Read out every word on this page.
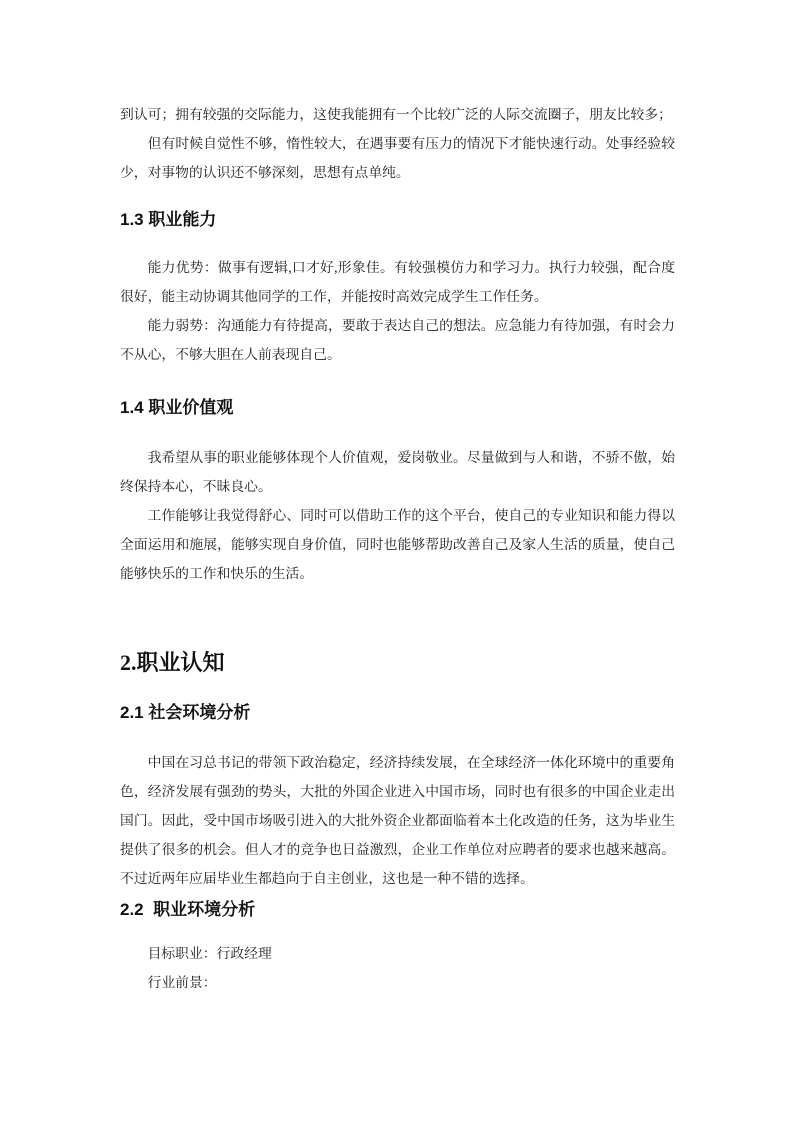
到认可；拥有较强的交际能力，这使我能拥有一个比较广泛的人际交流圈子，朋友比较多；

但有时候自觉性不够，惰性较大，在遇事要有压力的情况下才能快速行动。处事经验较少，对事物的认识还不够深刻，思想有点单纯。

1.3 职业能力

能力优势：做事有逻辑,口才好,形象佳。有较强模仿力和学习力。执行力较强，配合度很好，能主动协调其他同学的工作，并能按时高效完成学生工作任务。

能力弱势：沟通能力有待提高，要敢于表达自己的想法。应急能力有待加强，有时会力不从心，不够大胆在人前表现自己。

1.4 职业价值观

我希望从事的职业能够体现个人价值观，爱岗敬业。尽量做到与人和谐，不骄不傲，始终保持本心，不昧良心。

工作能够让我觉得舒心、同时可以借助工作的这个平台，使自己的专业知识和能力得以全面运用和施展，能够实现自身价值，同时也能够帮助改善自己及家人生活的质量，使自己能够快乐的工作和快乐的生活。

2.职业认知
2.1 社会环境分析

中国在习总书记的带领下政治稳定，经济持续发展，在全球经济一体化环境中的重要角色，经济发展有强劲的势头，大批的外国企业进入中国市场，同时也有很多的中国企业走出国门。因此，受中国市场吸引进入的大批外资企业都面临着本土化改造的任务，这为毕业生提供了很多的机会。但人才的竞争也日益激烈，企业工作单位对应聘者的要求也越来越高。不过近两年应届毕业生都趋向于自主创业，这也是一种不错的选择。

2.2  职业环境分析

目标职业：行政经理

行业前景：
